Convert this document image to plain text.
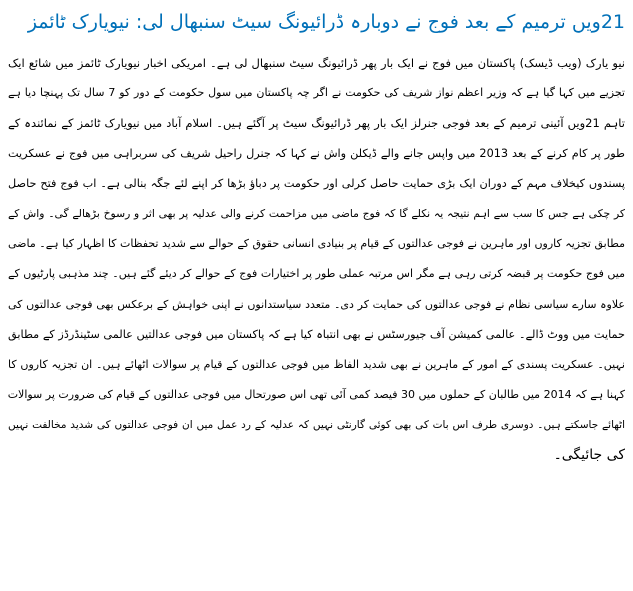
21ویں ترمیم کے بعد فوج نے دوبارہ ڈرائیونگ سیٹ سنبھال لی: نیویارک ٹائمز
نیو یارک (ویب ڈیسک) پاکستان میں فوج نے ایک بار پھر ڈرائیونگ سیٹ سنبھال لی ہے۔ امریکی اخبار نیویارک ٹائمز میں شائع ایک
تجزیے میں کہا گیا ہے کہ وزیر اعظم نواز شریف کی حکومت نے اگر چہ پاکستان میں سول حکومت کے دور کو 7 سال تک پہنچا دیا ہے
تاہم 21ویں آئینی ترمیم کے بعد فوجی جنرلز ایک بار پھر ڈرائیونگ سیٹ پر آگئے ہیں۔ اسلام آباد میں نیویارک ٹائمز کے نمائندہ کے
طور پر کام کرنے کے بعد 2013 میں واپس جانے والے ڈیکلن واش نے کہا کہ جنرل راحیل شریف کی سربراہی میں فوج نے عسکریت
پسندوں کیخلاف مہم کے دوران ایک بڑی حمایت حاصل کرلی اور حکومت پر دباؤ بڑھا کر اپنے لئے جگہ بنالی ہے۔ اب فوج فتح حاصل
کر چکی ہے جس کا سب سے اہم نتیجہ یہ نکلے گا کہ فوج ماضی میں مزاحمت کرنے والی عدلیہ پر بھی اثر و رسوخ بڑھالے گی۔ واش کے
مطابق تجزیہ کاروں اور ماہرین نے فوجی عدالتوں کے قیام پر بنیادی انسانی حقوق کے حوالے سے شدید تحفظات کا اظہار کیا ہے۔ ماضی
میں فوج حکومت پر قبضہ کرتی رہی ہے مگر اس مرتبہ عملی طور پر اختیارات فوج کے حوالے کر دیئے گئے ہیں۔ چند مذہبی پارٹیوں کے
علاوہ سارے سیاسی نظام نے فوجی عدالتوں کی حمایت کر دی۔ متعدد سیاستدانوں نے اپنی خواہش کے برعکس بھی فوجی عدالتوں کی
حمایت میں ووٹ ڈالے۔ عالمی کمیشن آف جیورسٹس نے بھی انتباہ کیا ہے کہ پاکستان میں فوجی عدالتیں عالمی سٹینڈرڈز کے مطابق
نہیں۔ عسکریت پسندی کے امور کے ماہرین نے بھی شدید الفاظ میں فوجی عدالتوں کے قیام پر سوالات اٹھائے ہیں۔ ان تجزیہ کاروں کا
کہنا ہے کہ 2014 میں طالبان کے حملوں میں 30 فیصد کمی آئی تھی اس صورتحال میں فوجی عدالتوں کے قیام کی ضرورت پر سوالات
اٹھائے جاسکتے ہیں۔ دوسری طرف اس بات کی بھی کوئی گارنٹی نہیں کہ عدلیہ کے رد عمل میں ان فوجی عدالتوں کی شدید مخالفت نہیں
کی جائیگی۔
